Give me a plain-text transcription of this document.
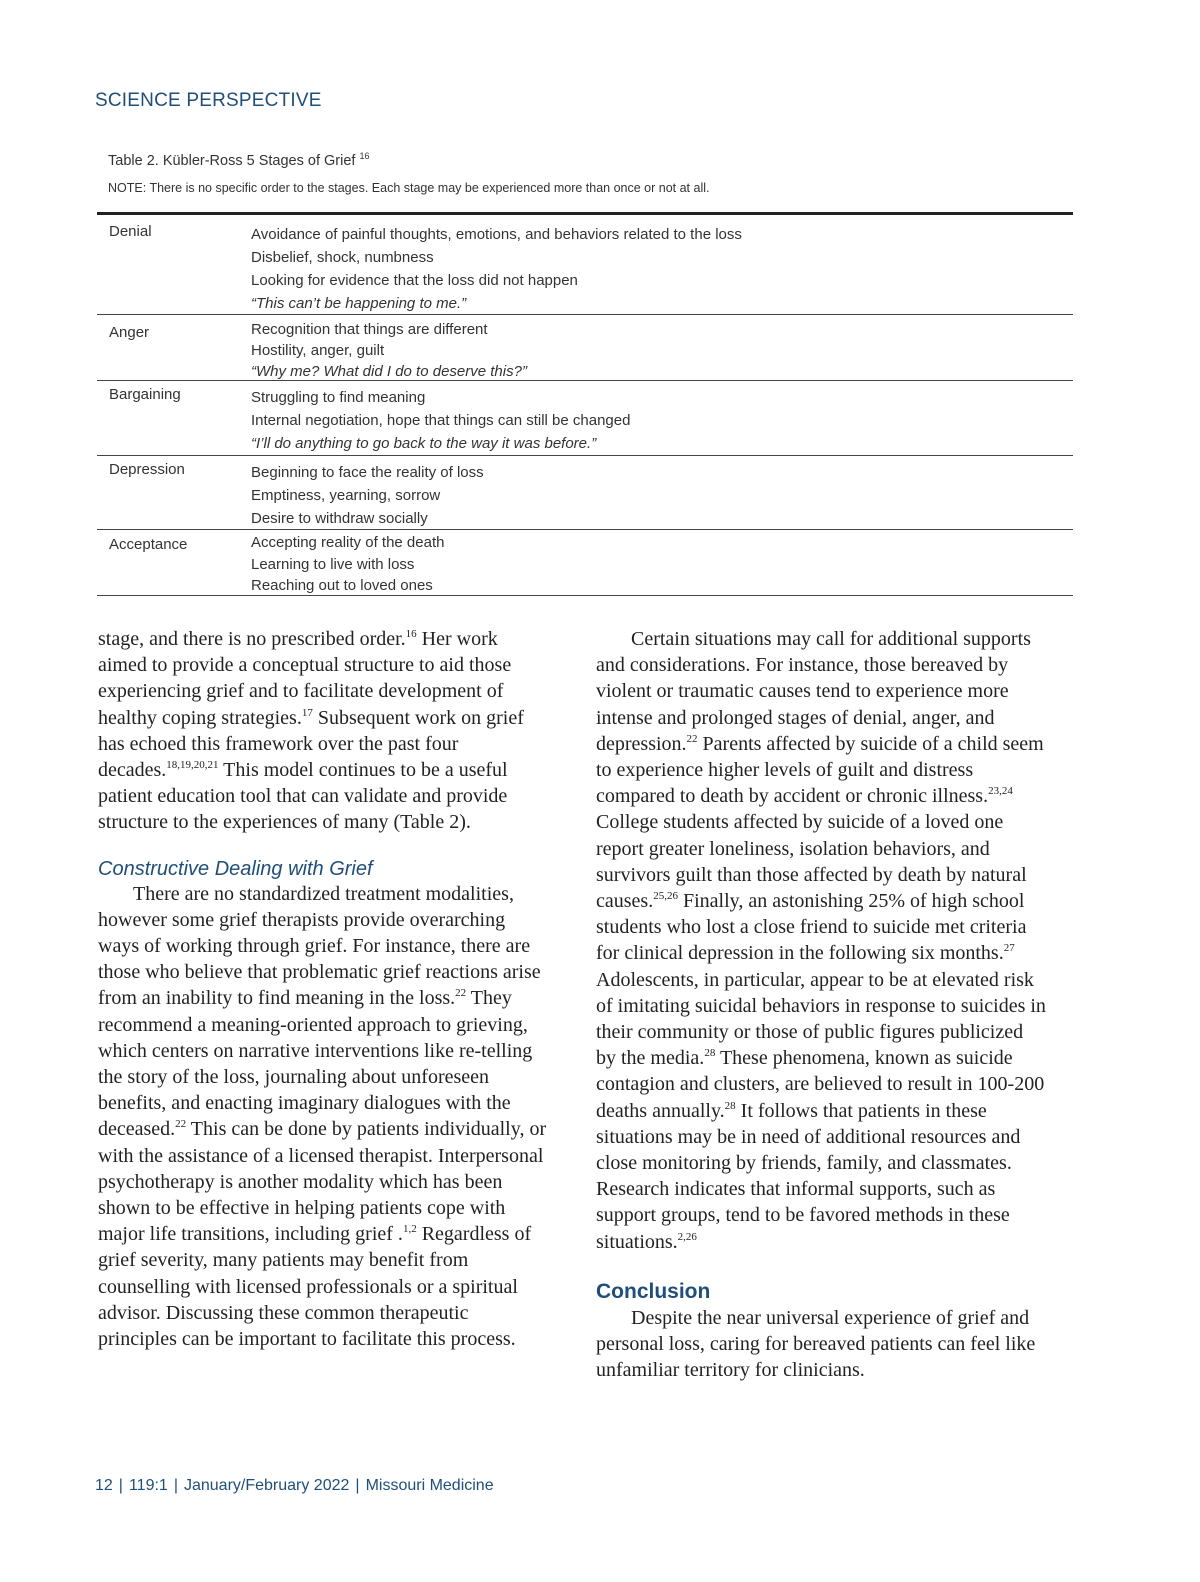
SCIENCE PERSPECTIVE
Table 2. Kübler-Ross 5 Stages of Grief $^{16}$
NOTE: There is no specific order to the stages. Each stage may be experienced more than once or not at all.
Denial	Avoidance of painful thoughts, emotions, and behaviors related to the loss
Disbelief, shock, numbness
Looking for evidence that the loss did not happen
“This can’t be happening to me.”
Anger	Recognition that things are different
Hostility, anger, guilt
“Why me? What did I do to deserve this?”
Bargaining	Struggling to find meaning
Internal negotiation, hope that things can still be changed
“I’ll do anything to go back to the way it was before.”
Depression	Beginning to face the reality of loss
Emptiness, yearning, sorrow
Desire to withdraw socially
Acceptance	Accepting reality of the death
Learning to live with loss
Reaching out to loved ones

stage, and there is no prescribed order.$^{16}$ Her work aimed to provide a conceptual structure to aid those experiencing grief and to facilitate development of healthy coping strategies.$^{17}$ Subsequent work on grief has echoed this framework over the past four decades.$^{18,19,20,21}$ This model continues to be a useful patient education tool that can validate and provide structure to the experiences of many (Table 2).

Constructive Dealing with Grief

There are no standardized treatment modalities, however some grief therapists provide overarching ways of working through grief. For instance, there are those who believe that problematic grief reactions arise from an inability to find meaning in the loss.$^{22}$ They recommend a meaning-oriented approach to grieving, which centers on narrative interventions like re-telling the story of the loss, journaling about unforeseen benefits, and enacting imaginary dialogues with the deceased.$^{22}$ This can be done by patients individually, or with the assistance of a licensed therapist. Interpersonal psychotherapy is another modality which has been shown to be effective in helping patients cope with major life transitions, including grief .$^{1,2}$ Regardless of grief severity, many patients may benefit from counselling with licensed professionals or a spiritual advisor. Discussing these common therapeutic principles can be important to facilitate this process.

Certain situations may call for additional supports and considerations. For instance, those bereaved by violent or traumatic causes tend to experience more intense and prolonged stages of denial, anger, and depression.$^{22}$ Parents affected by suicide of a child seem to experience higher levels of guilt and distress compared to death by accident or chronic illness.$^{23,24}$ College students affected by suicide of a loved one report greater loneliness, isolation behaviors, and survivors guilt than those affected by death by natural causes.$^{25,26}$ Finally, an astonishing 25% of high school students who lost a close friend to suicide met criteria for clinical depression in the following six months.$^{27}$ Adolescents, in particular, appear to be at elevated risk of imitating suicidal behaviors in response to suicides in their community or those of public figures publicized by the media.$^{28}$ These phenomena, known as suicide contagion and clusters, are believed to result in 100-200 deaths annually.$^{28}$ It follows that patients in these situations may be in need of additional resources and close monitoring by friends, family, and classmates. Research indicates that informal supports, such as support groups, tend to be favored methods in these situations.$^{2,26}$

Conclusion

Despite the near universal experience of grief and personal loss, caring for bereaved patients can feel like unfamiliar territory for clinicians.

12 | 119:1 | January/February 2022 | Missouri Medicine
